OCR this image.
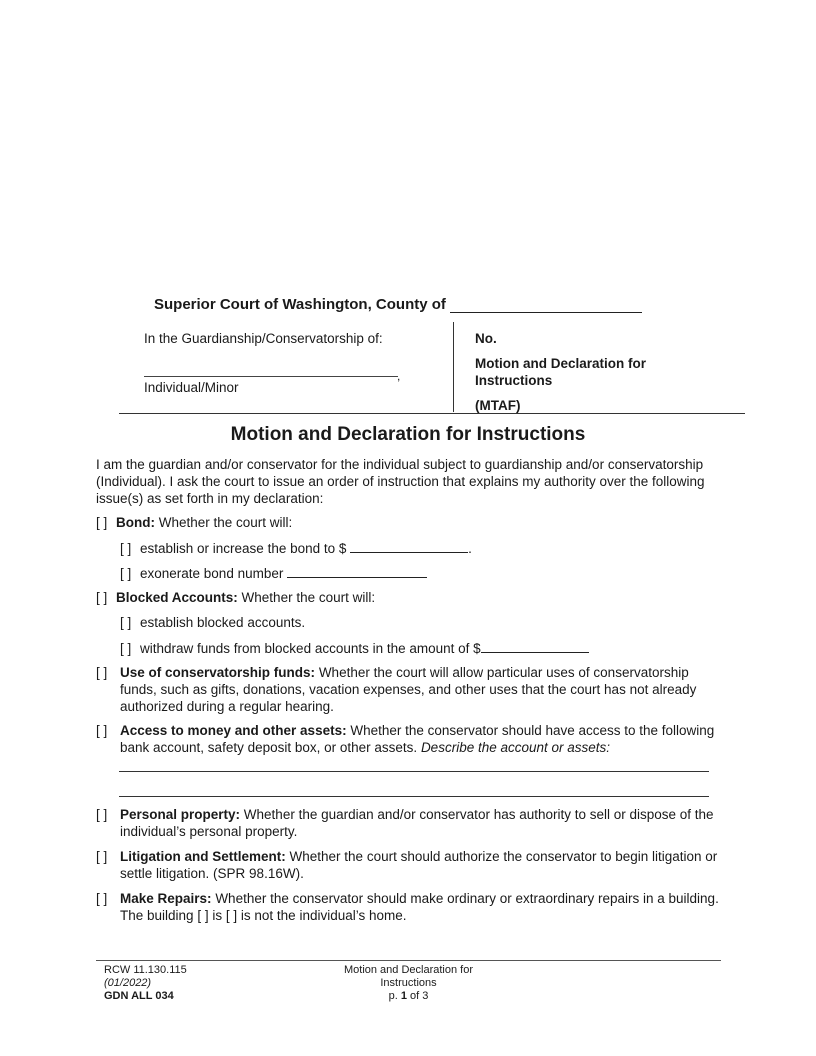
Superior Court of Washington, County of
In the Guardianship/Conservatorship of:
,
Individual/Minor
No.
Motion and Declaration for Instructions
(MTAF)
Motion and Declaration for Instructions
I am the guardian and/or conservator for the individual subject to guardianship and/or conservatorship (Individual). I ask the court to issue an order of instruction that explains my authority over the following issue(s) as set forth in my declaration:
[ ] Bond: Whether the court will:
[ ] establish or increase the bond to $	.
[ ] exonerate bond number
[ ] Blocked Accounts: Whether the court will:
[ ] establish blocked accounts.
[ ] withdraw funds from blocked accounts in the amount of $
[ ] Use of conservatorship funds: Whether the court will allow particular uses of conservatorship funds, such as gifts, donations, vacation expenses, and other uses that the court has not already authorized during a regular hearing.
[ ] Access to money and other assets: Whether the conservator should have access to the following bank account, safety deposit box, or other assets. Describe the account or assets:
[ ] Personal property: Whether the guardian and/or conservator has authority to sell or dispose of the individual’s personal property.
[ ] Litigation and Settlement: Whether the court should authorize the conservator to begin litigation or settle litigation. (SPR 98.16W).
[ ] Make Repairs: Whether the conservator should make ordinary or extraordinary repairs in a building. The building [ ] is [ ] is not the individual’s home.
RCW 11.130.115
(01/2022)
GDN ALL 034
Motion and Declaration for
Instructions
p. 1 of 3
